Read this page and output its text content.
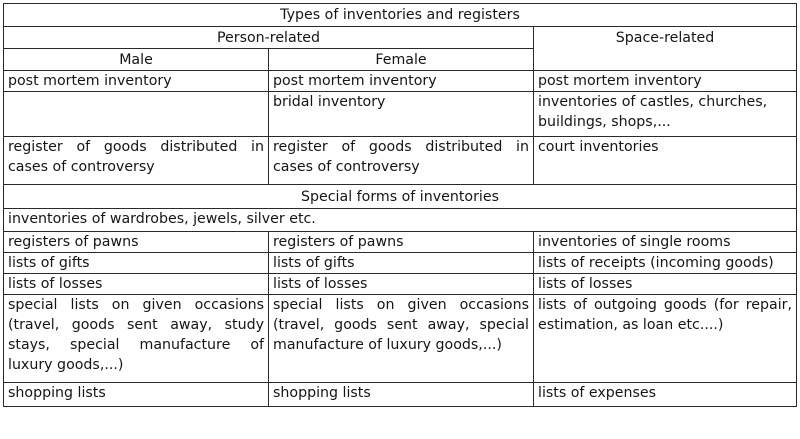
Types of inventories and registers		
Person-related		Space-related
Male	Female	
post mortem inventory	post mortem inventory	post mortem inventory
	bridal inventory	inventories of castles, churches, buildings, shops,...
register of goods distributed in cases of controversy	register of goods distributed in cases of controversy	court inventories
Special forms of inventories		
inventories of wardrobes, jewels, silver etc.		
registers of pawns	registers of pawns	inventories of single rooms
lists of gifts	lists of gifts	lists of receipts (incoming goods)
lists of losses	lists of losses	lists of losses
special lists on given occasions (travel, goods sent away, study stays, special manufacture of luxury goods,...)	special lists on given occasions (travel, goods sent away, special manufacture of luxury goods,...)	lists of outgoing goods (for repair, estimation, as loan etc....)
shopping lists	shopping lists	lists of expenses
